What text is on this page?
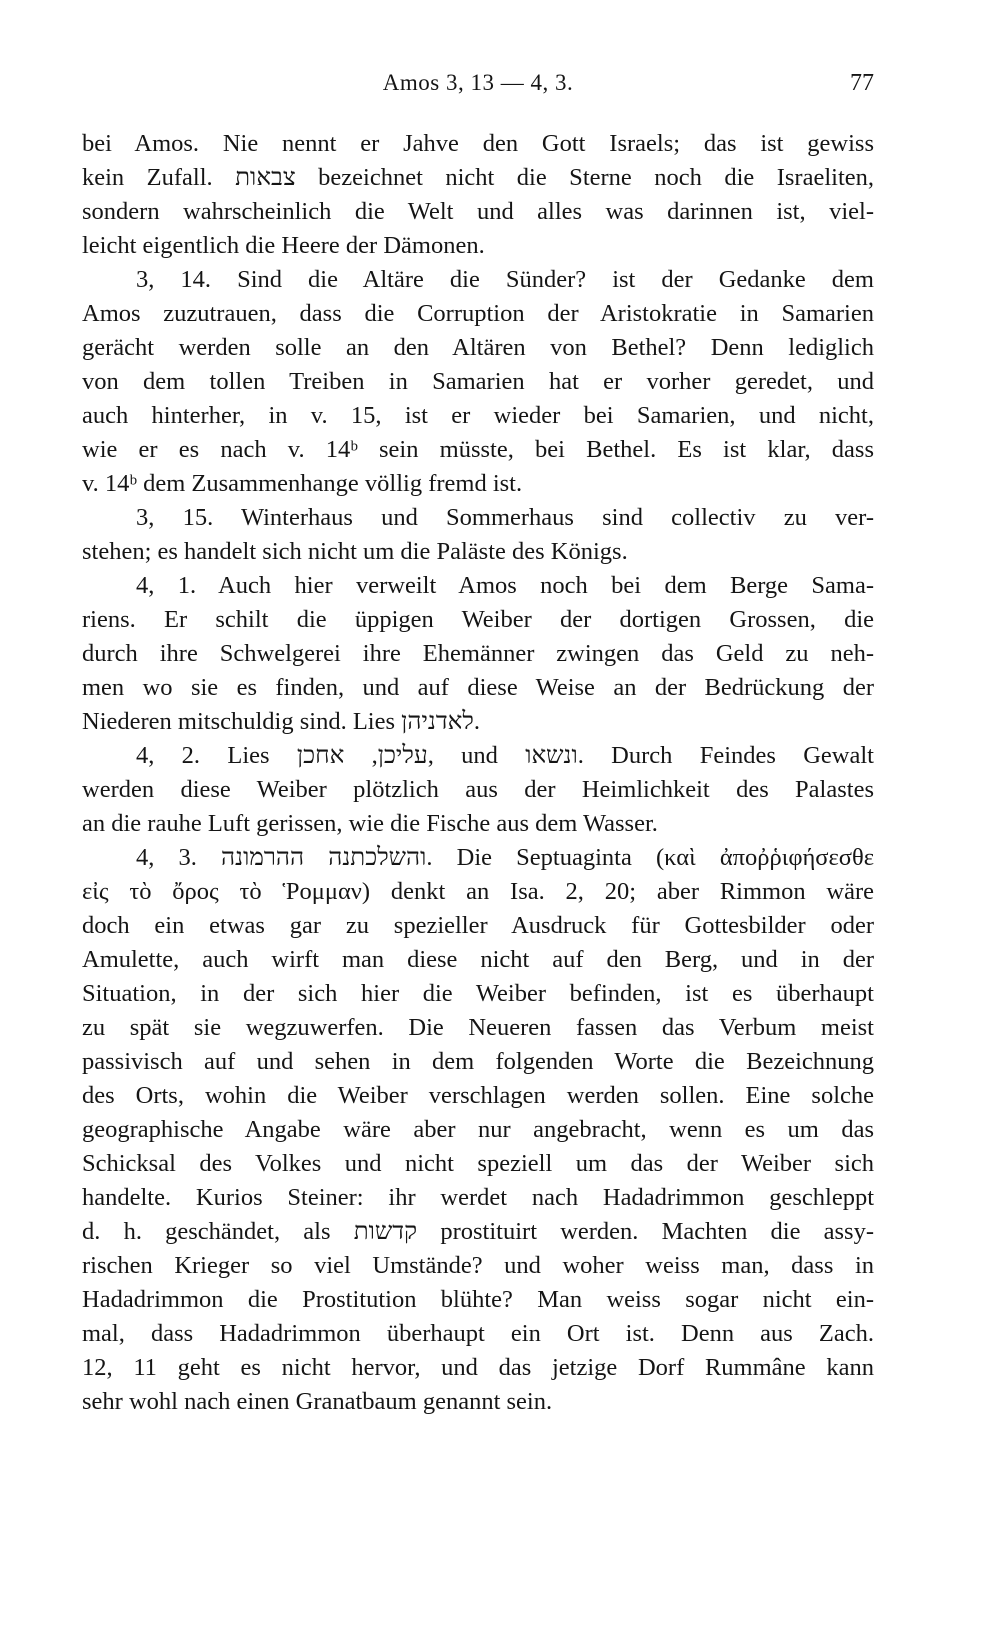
Amos 3, 13 — 4, 3.	77
bei Amos. Nie nennt er Jahve den Gott Israels; das ist gewiss
kein Zufall. צבאות bezeichnet nicht die Sterne noch die Israeliten,
sondern wahrscheinlich die Welt und alles was darinnen ist, viel-
leicht eigentlich die Heere der Dämonen.
3, 14. Sind die Altäre die Sünder? ist der Gedanke dem
Amos zuzutrauen, dass die Corruption der Aristokratie in Samarien
gerächt werden solle an den Altären von Bethel? Denn lediglich
von dem tollen Treiben in Samarien hat er vorher geredet, und
auch hinterher, in v. 15, ist er wieder bei Samarien, und nicht,
wie er es nach v. 14ᵇ sein müsste, bei Bethel. Es ist klar, dass
v. 14ᵇ dem Zusammenhange völlig fremd ist.
3, 15. Winterhaus und Sommerhaus sind collectiv zu ver-
stehen; es handelt sich nicht um die Paläste des Königs.
4, 1. Auch hier verweilt Amos noch bei dem Berge Sama-
riens. Er schilt die üppigen Weiber der dortigen Grossen, die
durch ihre Schwelgerei ihre Ehemänner zwingen das Geld zu neh-
men wo sie es finden, und auf diese Weise an der Bedrückung der
Niederen mitschuldig sind. Lies לאדניהן.
4, 2. Lies עליכן, אחכן, und ונשאו. Durch Feindes Gewalt
werden diese Weiber plötzlich aus der Heimlichkeit des Palastes
an die rauhe Luft gerissen, wie die Fische aus dem Wasser.
4, 3. והשלכתנה ההרמונה. Die Septuaginta (καὶ ἀποῤῥιφήσεσθε
εἰς τὸ ὄρος τὸ Ῥομμαν) denkt an Isa. 2, 20; aber Rimmon wäre
doch ein etwas gar zu spezieller Ausdruck für Gottesbilder oder
Amulette, auch wirft man diese nicht auf den Berg, und in der
Situation, in der sich hier die Weiber befinden, ist es überhaupt
zu spät sie wegzuwerfen. Die Neueren fassen das Verbum meist
passivisch auf und sehen in dem folgenden Worte die Bezeichnung
des Orts, wohin die Weiber verschlagen werden sollen. Eine solche
geographische Angabe wäre aber nur angebracht, wenn es um das
Schicksal des Volkes und nicht speziell um das der Weiber sich
handelte. Kurios Steiner: ihr werdet nach Hadadrimmon geschleppt
d. h. geschändet, als קדשות prostituirt werden. Machten die assy-
rischen Krieger so viel Umstände? und woher weiss man, dass in
Hadadrimmon die Prostitution blühte? Man weiss sogar nicht ein-
mal, dass Hadadrimmon überhaupt ein Ort ist. Denn aus Zach.
12, 11 geht es nicht hervor, und das jetzige Dorf Rummâne kann
sehr wohl nach einen Granatbaum genannt sein.
